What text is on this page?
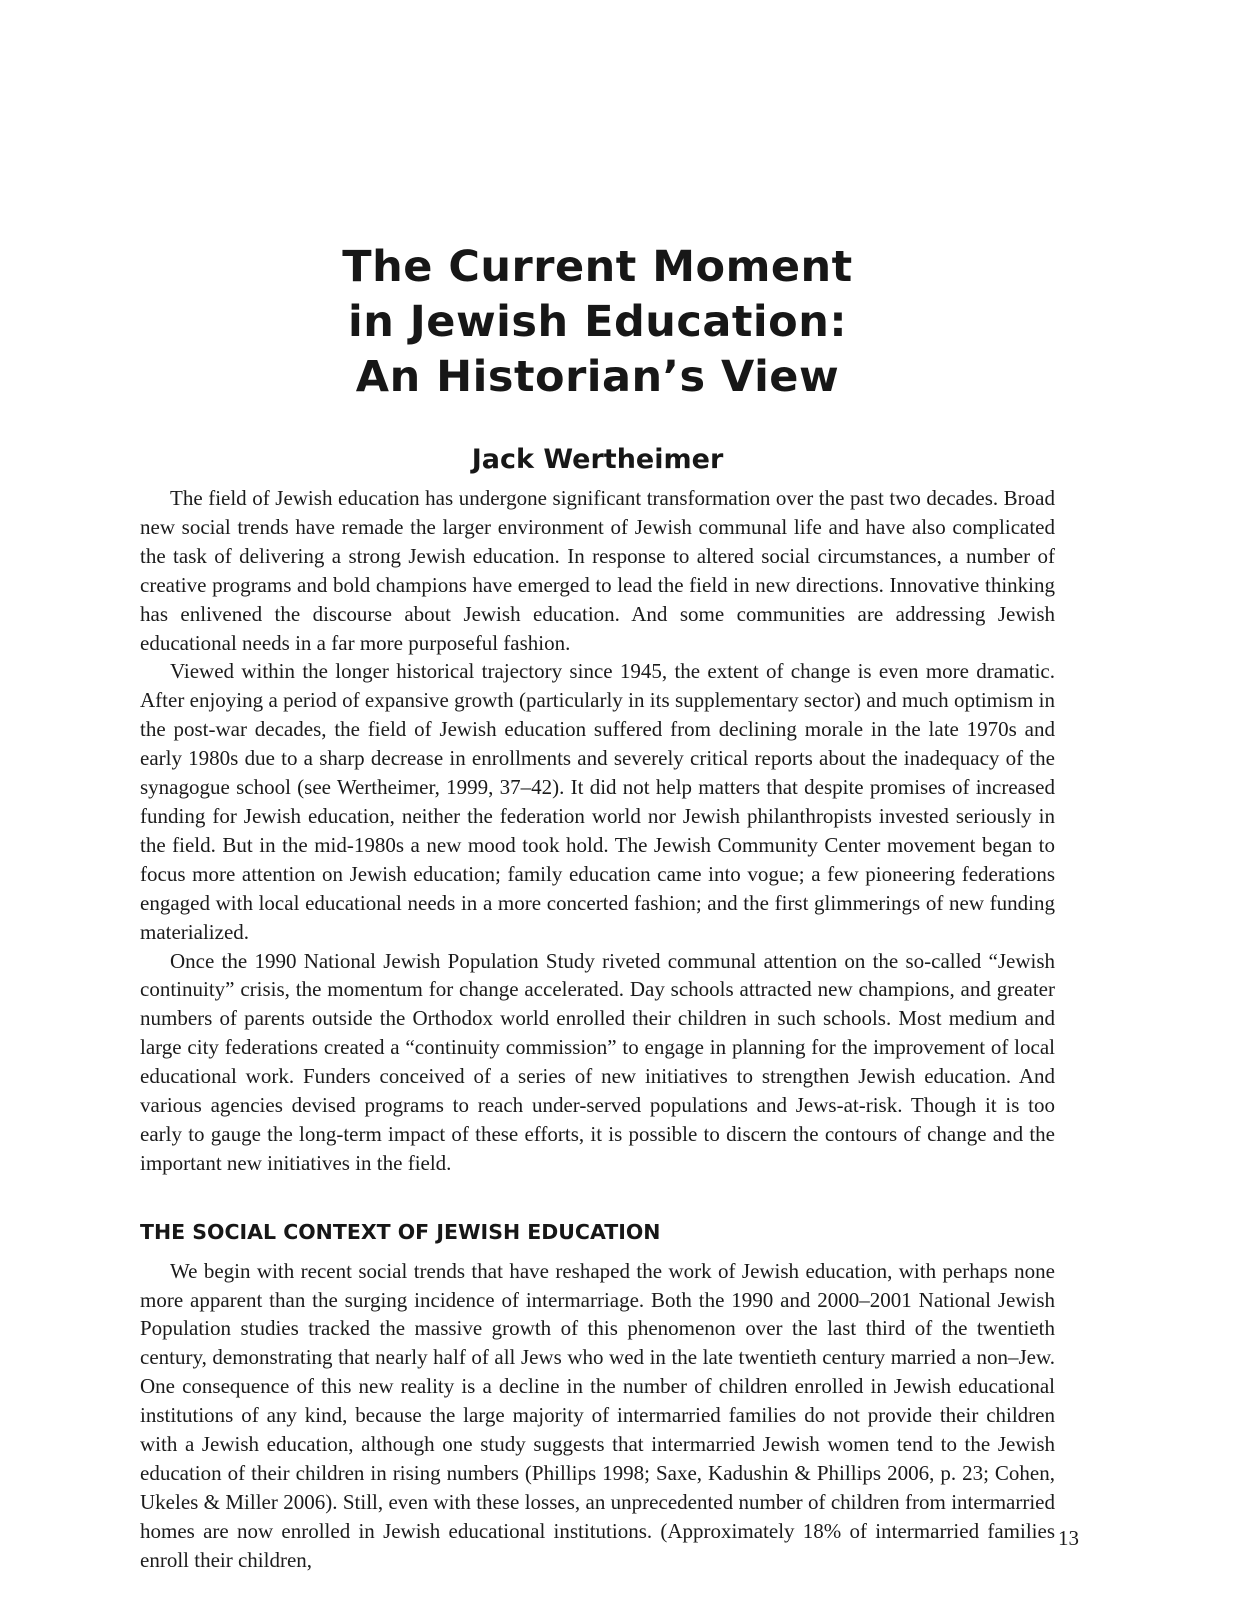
The Current Moment
in Jewish Education:
An Historian’s View
Jack Wertheimer

The field of Jewish education has undergone significant transformation over the past two decades. Broad new social trends have remade the larger environment of Jewish communal life and have also complicated the task of delivering a strong Jewish education. In response to altered social circumstances, a number of creative programs and bold champions have emerged to lead the field in new directions. Innovative thinking has enlivened the discourse about Jewish education. And some communities are addressing Jewish educational needs in a far more purposeful fashion.

Viewed within the longer historical trajectory since 1945, the extent of change is even more dramatic. After enjoying a period of expansive growth (particularly in its supplementary sector) and much optimism in the post-war decades, the field of Jewish education suffered from declining morale in the late 1970s and early 1980s due to a sharp decrease in enrollments and severely critical reports about the inadequacy of the synagogue school (see Wertheimer, 1999, 37–42). It did not help matters that despite promises of increased funding for Jewish education, neither the federation world nor Jewish philanthropists invested seriously in the field. But in the mid-1980s a new mood took hold. The Jewish Community Center movement began to focus more attention on Jewish education; family education came into vogue; a few pioneering federations engaged with local educational needs in a more concerted fashion; and the first glimmerings of new funding materialized.

Once the 1990 National Jewish Population Study riveted communal attention on the so-called “Jewish continuity” crisis, the momentum for change accelerated. Day schools attracted new champions, and greater numbers of parents outside the Orthodox world enrolled their children in such schools. Most medium and large city federations created a “continuity commission” to engage in planning for the improvement of local educational work. Funders conceived of a series of new initiatives to strengthen Jewish education. And various agencies devised programs to reach under-served populations and Jews-at-risk. Though it is too early to gauge the long-term impact of these efforts, it is possible to discern the contours of change and the important new initiatives in the field.

THE SOCIAL CONTEXT OF JEWISH EDUCATION

We begin with recent social trends that have reshaped the work of Jewish education, with perhaps none more apparent than the surging incidence of intermarriage. Both the 1990 and 2000–2001 National Jewish Population studies tracked the massive growth of this phenomenon over the last third of the twentieth century, demonstrating that nearly half of all Jews who wed in the late twentieth century married a non–Jew. One consequence of this new reality is a decline in the number of children enrolled in Jewish educational institutions of any kind, because the large majority of intermarried families do not provide their children with a Jewish education, although one study suggests that intermarried Jewish women tend to the Jewish education of their children in rising numbers (Phillips 1998; Saxe, Kadushin & Phillips 2006, p. 23; Cohen, Ukeles & Miller 2006). Still, even with these losses, an unprecedented number of children from intermarried homes are now enrolled in Jewish educational institutions. (Approximately 18% of intermarried families enroll their children,

13
